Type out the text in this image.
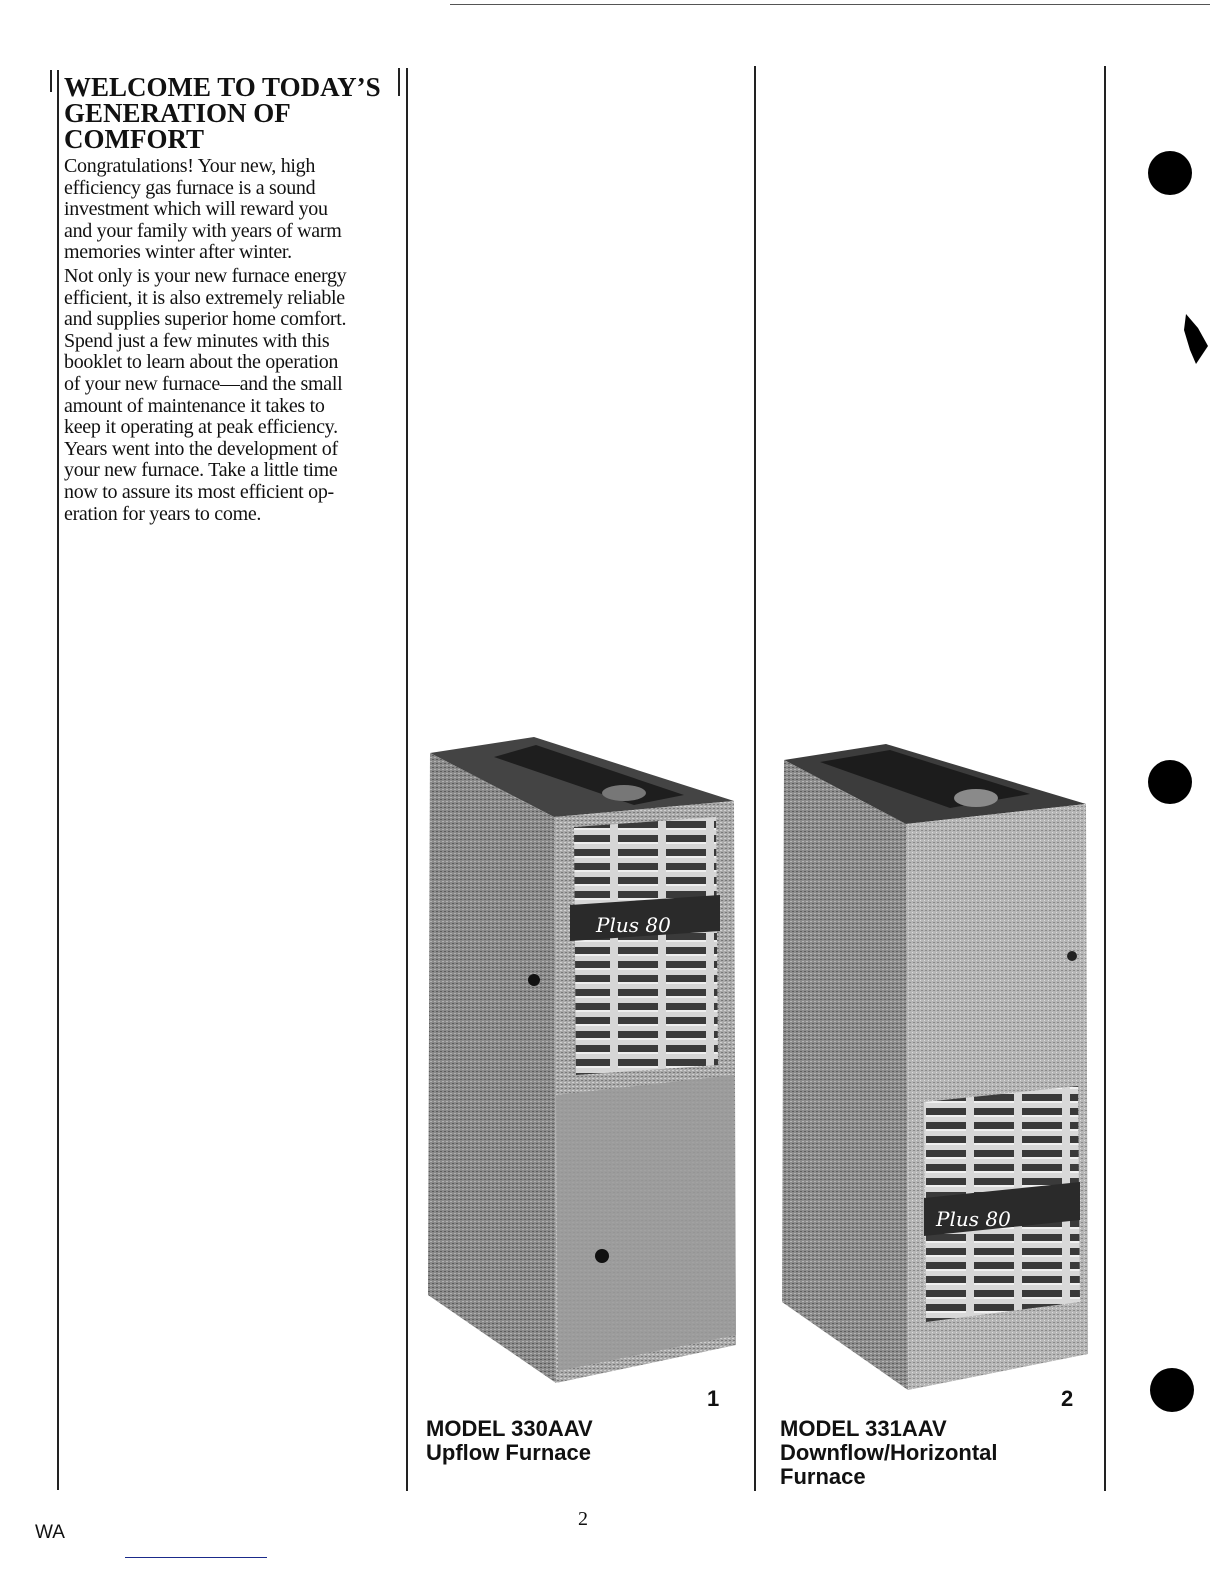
WELCOME TO TODAY’S
GENERATION OF
COMFORT

Congratulations! Your new, high
efficiency gas furnace is a sound
investment which will reward you
and your family with years of warm
memories winter after winter.

Not only is your new furnace energy
efficient, it is also extremely reliable
and supplies superior home comfort.
Spend just a few minutes with this
booklet to learn about the operation
of your new furnace—and the small
amount of maintenance it takes to
keep it operating at peak efficiency.
Years went into the development of
your new furnace. Take a little time
now to assure its most efficient op-
eration for years to come.

Plus 80
1
MODEL 330AAV
Upflow Furnace
Plus 80
2
MODEL 331AAV
Downflow/Horizontal
Furnace
2
WA
